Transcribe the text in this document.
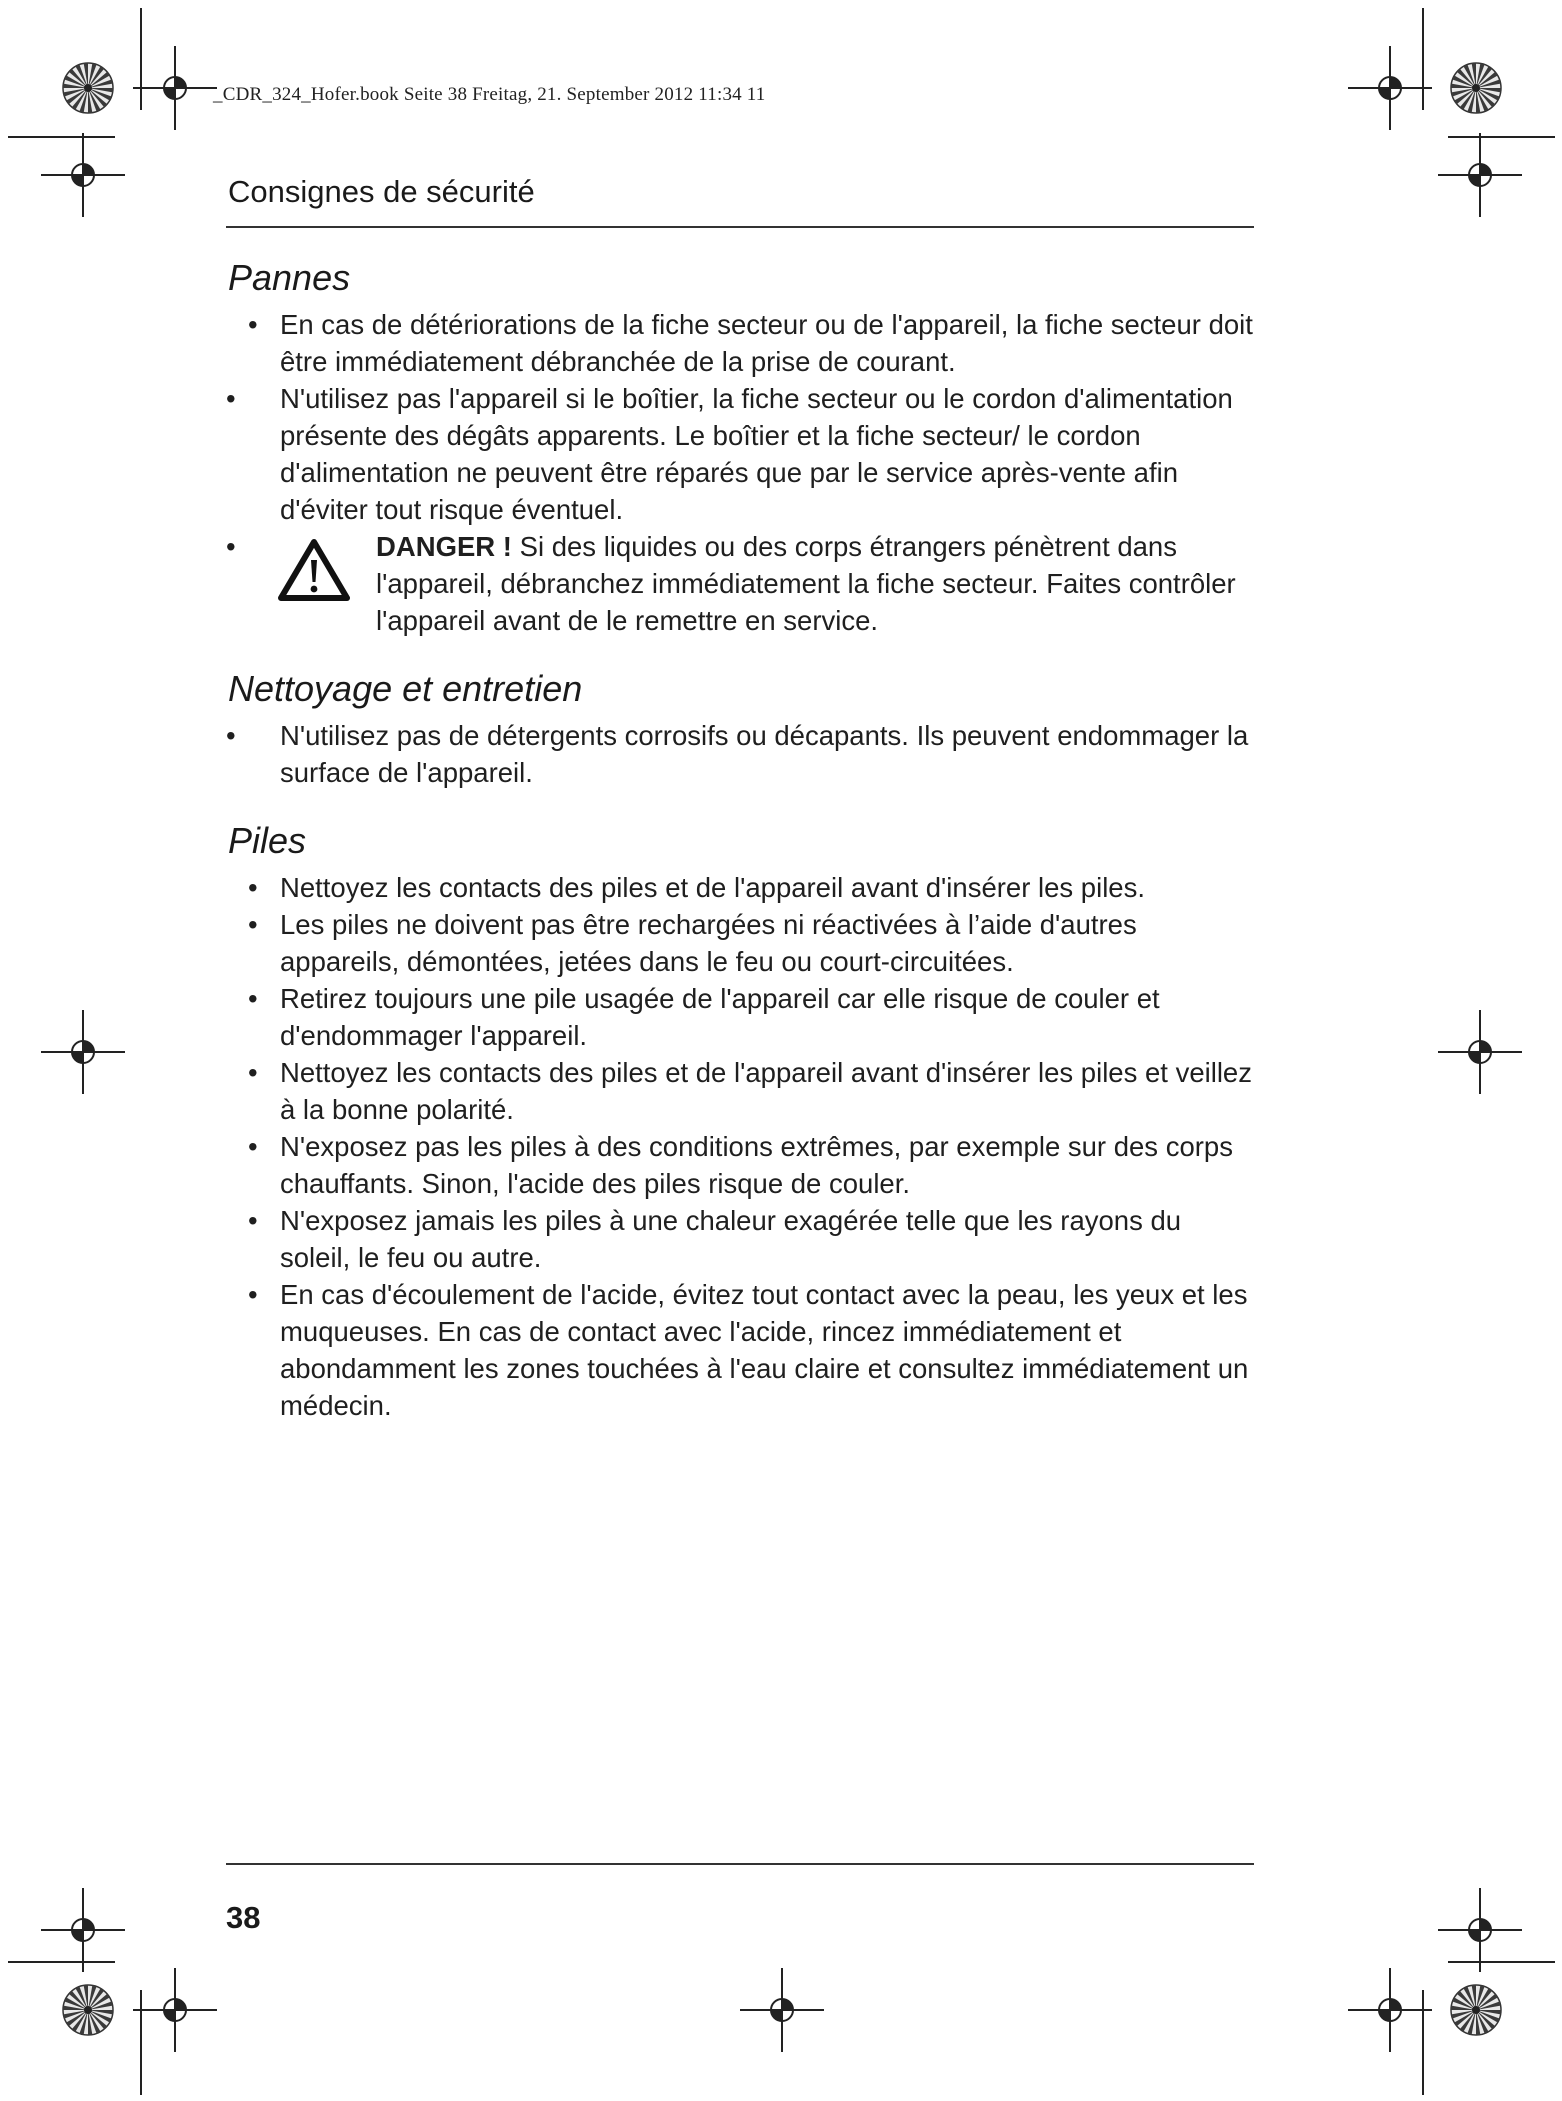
_CDR_324_Hofer.book Seite 38 Freitag, 21. September 2012 11:34 11
Consignes de sécurité
Pannes
• En cas de détériorations de la fiche secteur ou de l'appareil, la fiche secteur doit être immédiatement débranchée de la prise de courant.
• N'utilisez pas l'appareil si le boîtier, la fiche secteur ou le cordon d'alimentation présente des dégâts apparents. Le boîtier et la fiche secteur/ le cordon d'alimentation ne peuvent être réparés que par le service après-vente afin d'éviter tout risque éventuel.
•	DANGER ! Si des liquides ou des corps étrangers pénètrent dans l'appareil, débranchez immédiatement la fiche secteur. Faites contrôler l'appareil avant de le remettre en service.
Nettoyage et entretien
• N'utilisez pas de détergents corrosifs ou décapants. Ils peuvent endommager la surface de l'appareil.
Piles
• Nettoyez les contacts des piles et de l'appareil avant d'insérer les piles.
• Les piles ne doivent pas être rechargées ni réactivées à l’aide d'autres appareils, démontées, jetées dans le feu ou court-circuitées.
• Retirez toujours une pile usagée de l'appareil car elle risque de couler et d'endommager l'appareil.
• Nettoyez les contacts des piles et de l'appareil avant d'insérer les piles et veillez à la bonne polarité.
• N'exposez pas les piles à des conditions extrêmes, par exemple sur des corps chauffants. Sinon, l'acide des piles risque de couler.
• N'exposez jamais les piles à une chaleur exagérée telle que les rayons du soleil, le feu ou autre.
• En cas d'écoulement de l'acide, évitez tout contact avec la peau, les yeux et les muqueuses. En cas de contact avec l'acide, rincez immédiatement et abondamment les zones touchées à l'eau claire et consultez immédiatement un médecin.
38
